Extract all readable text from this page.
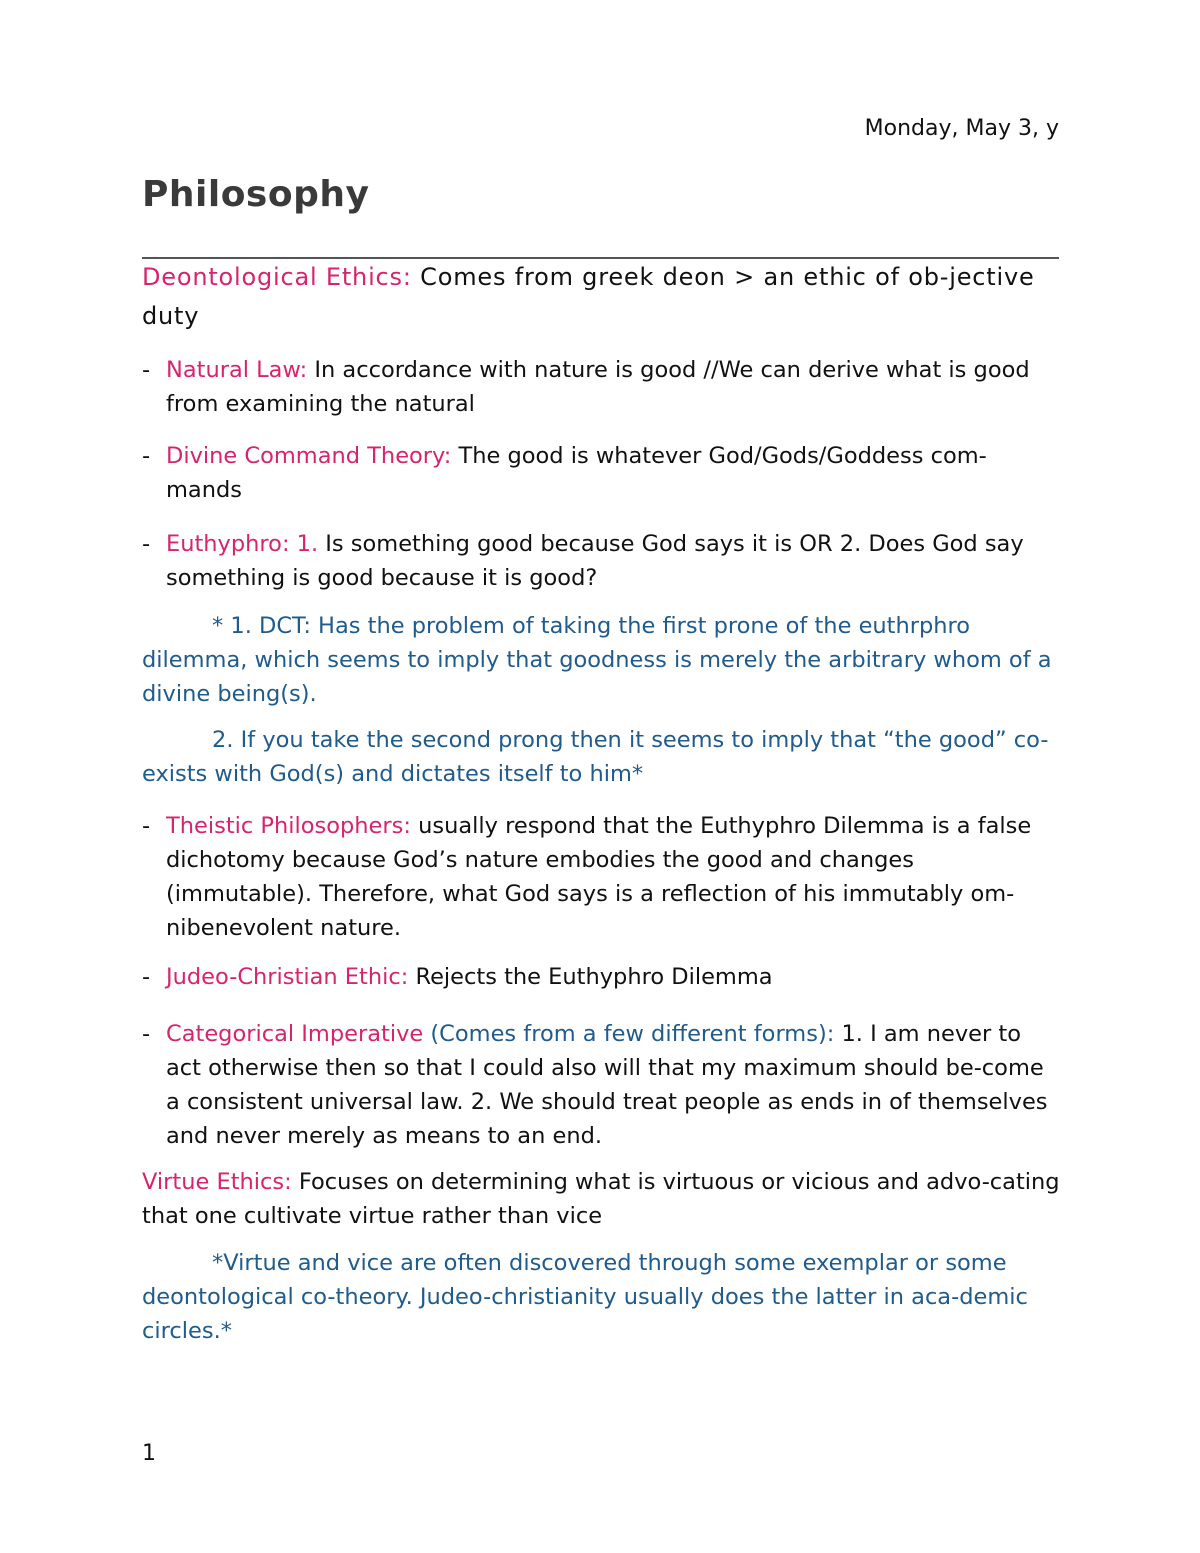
Monday, May 3, y
Philosophy
Deontological Ethics: Comes from greek deon > an ethic of ob-jective duty
- Natural Law: In accordance with nature is good //We can derive what is good from examining the natural
- Divine Command Theory: The good is whatever God/Gods/Goddess com-mands
- Euthyphro: 1. Is something good because God says it is OR 2. Does God say something is good because it is good?
* 1. DCT: Has the problem of taking the first prone of the euthrphro dilemma, which seems to imply that goodness is merely the arbitrary whom of a divine being(s).
2. If you take the second prong then it seems to imply that “the good” co-exists with God(s) and dictates itself to him*
- Theistic Philosophers: usually respond that the Euthyphro Dilemma is a false dichotomy because God’s nature embodies the good and changes (immutable). Therefore, what God says is a reflection of his immutably om-nibenevolent nature.
- Judeo-Christian Ethic: Rejects the Euthyphro Dilemma
- Categorical Imperative (Comes from a few different forms): 1. I am never to act otherwise then so that I could also will that my maximum should be-come a consistent universal law. 2. We should treat people as ends in of themselves and never merely as means to an end.
Virtue Ethics: Focuses on determining what is virtuous or vicious and advo-cating that one cultivate virtue rather than vice
*Virtue and vice are often discovered through some exemplar or some deontological co-theory. Judeo-christianity usually does the latter in aca-demic circles.*
1
